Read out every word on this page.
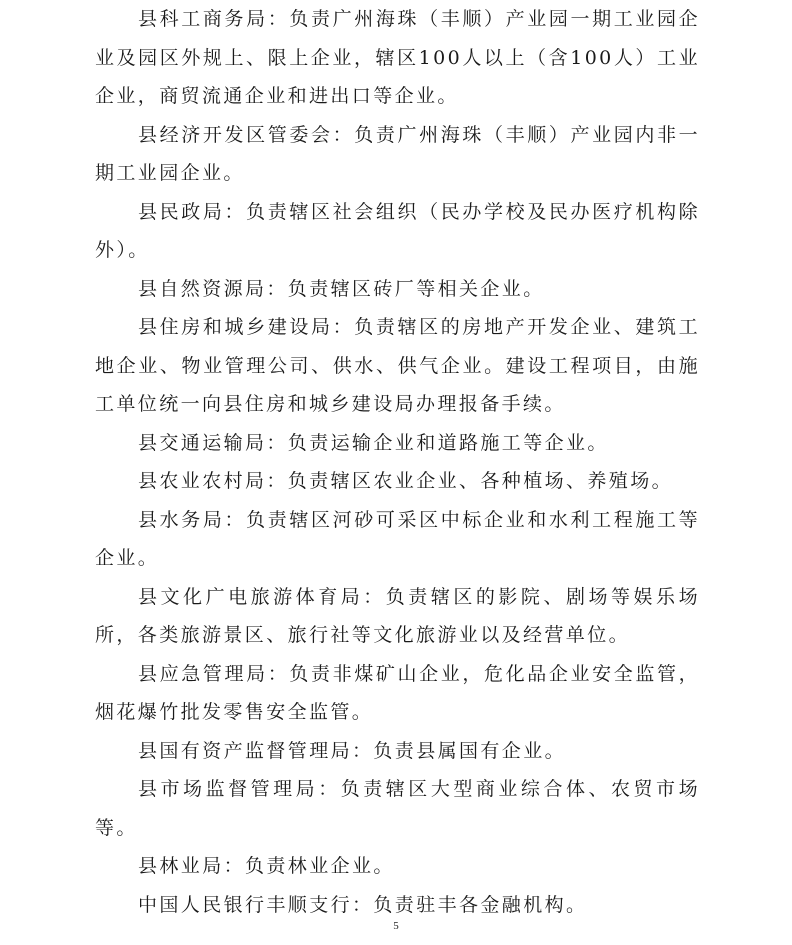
县科工商务局：负责广州海珠（丰顺）产业园一期工业园企业及园区外规上、限上企业，辖区100人以上（含100人）工业企业，商贸流通企业和进出口等企业。

县经济开发区管委会：负责广州海珠（丰顺）产业园内非一期工业园企业。

县民政局：负责辖区社会组织（民办学校及民办医疗机构除外）。

县自然资源局：负责辖区砖厂等相关企业。

县住房和城乡建设局：负责辖区的房地产开发企业、建筑工地企业、物业管理公司、供水、供气企业。建设工程项目，由施工单位统一向县住房和城乡建设局办理报备手续。

县交通运输局：负责运输企业和道路施工等企业。

县农业农村局：负责辖区农业企业、各种植场、养殖场。

县水务局：负责辖区河砂可采区中标企业和水利工程施工等企业。

县文化广电旅游体育局：负责辖区的影院、剧场等娱乐场所，各类旅游景区、旅行社等文化旅游业以及经营单位。

县应急管理局：负责非煤矿山企业，危化品企业安全监管，烟花爆竹批发零售安全监管。

县国有资产监督管理局：负责县属国有企业。

县市场监督管理局：负责辖区大型商业综合体、农贸市场等。

县林业局：负责林业企业。

中国人民银行丰顺支行：负责驻丰各金融机构。

5
